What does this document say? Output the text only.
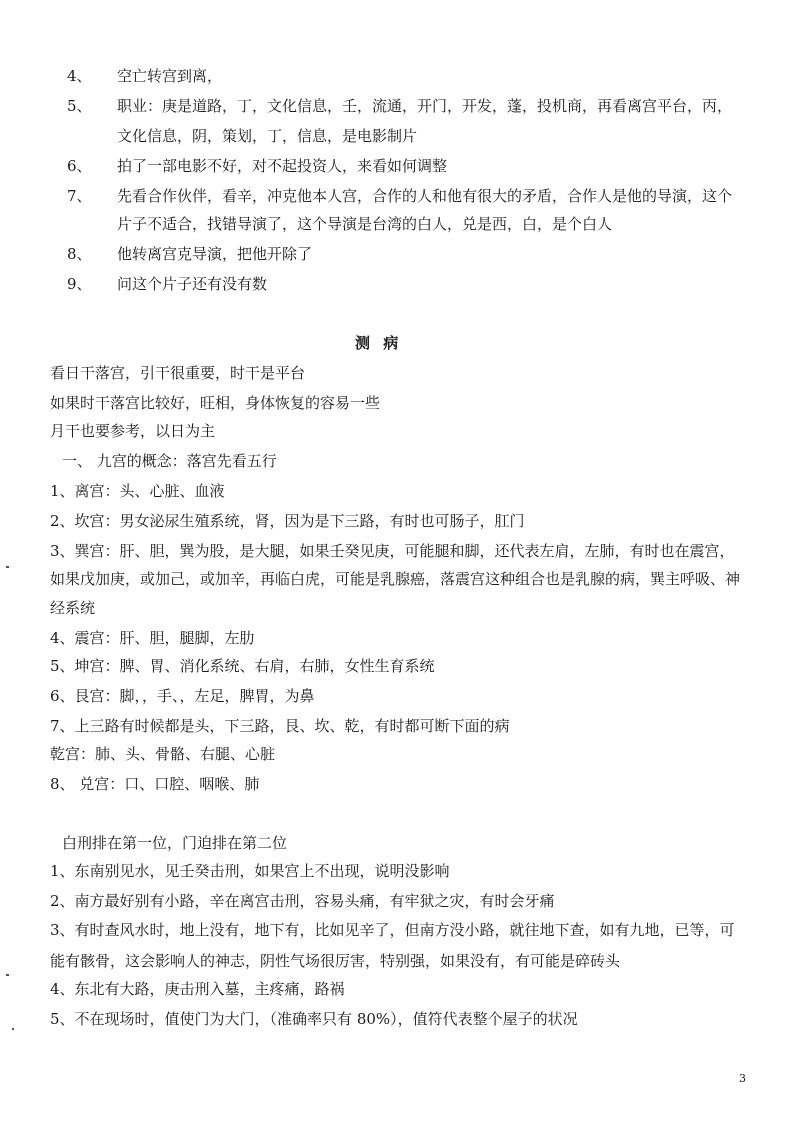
4、 空亡转宫到离，
5、 职业：庚是道路，丁，文化信息，壬，流通，开门，开发，蓬，投机商，再看离宫平台，丙，
文化信息，阴，策划，丁，信息，是电影制片
6、 拍了一部电影不好，对不起投资人，来看如何调整
7、 先看合作伙伴，看辛，冲克他本人宫，合作的人和他有很大的矛盾，合作人是他的导演，这个
片子不适合，找错导演了，这个导演是台湾的白人，兑是西，白，是个白人
8、 他转离宫克导演，把他开除了
9、 问这个片子还有没有数
测 病
看日干落宫，引干很重要，时干是平台
如果时干落宫比较好，旺相，身体恢复的容易一些
月干也要参考，以日为主
一、 九宫的概念：落宫先看五行
1、离宫：头、心脏、血液
2、坎宫：男女泌尿生殖系统，肾，因为是下三路，有时也可肠子，肛门
3、巽宫：肝、胆，巽为股，是大腿，如果壬癸见庚，可能腿和脚，还代表左肩，左肺，有时也在震宫，
如果戊加庚，或加己，或加辛，再临白虎，可能是乳腺癌，落震宫这种组合也是乳腺的病，巽主呼吸、神
经系统
4、震宫：肝、胆，腿脚，左肋
5、坤宫：脾、胃、消化系统、右肩，右肺，女性生育系统
6、艮宫：脚，，手、，左足，脾胃，为鼻
7、上三路有时候都是头，下三路，艮、坎、乾，有时都可断下面的病
乾宫：肺、头、骨骼、右腿、心脏
8、 兑宫：口、口腔、咽喉、肺
白刑排在第一位，门迫排在第二位
1、东南别见水，见壬癸击刑，如果宫上不出现，说明没影响
2、南方最好别有小路，辛在离宫击刑，容易头痛，有牢狱之灾，有时会牙痛
3、有时查风水时，地上没有，地下有，比如见辛了，但南方没小路，就往地下查，如有九地，已等，可
能有骸骨，这会影响人的神志，阴性气场很厉害，特别强，如果没有，有可能是碎砖头
4、东北有大路，庚击刑入墓，主疼痛，路祸
5、不在现场时，值使门为大门，（准确率只有 80%），值符代表整个屋子的状况
3
